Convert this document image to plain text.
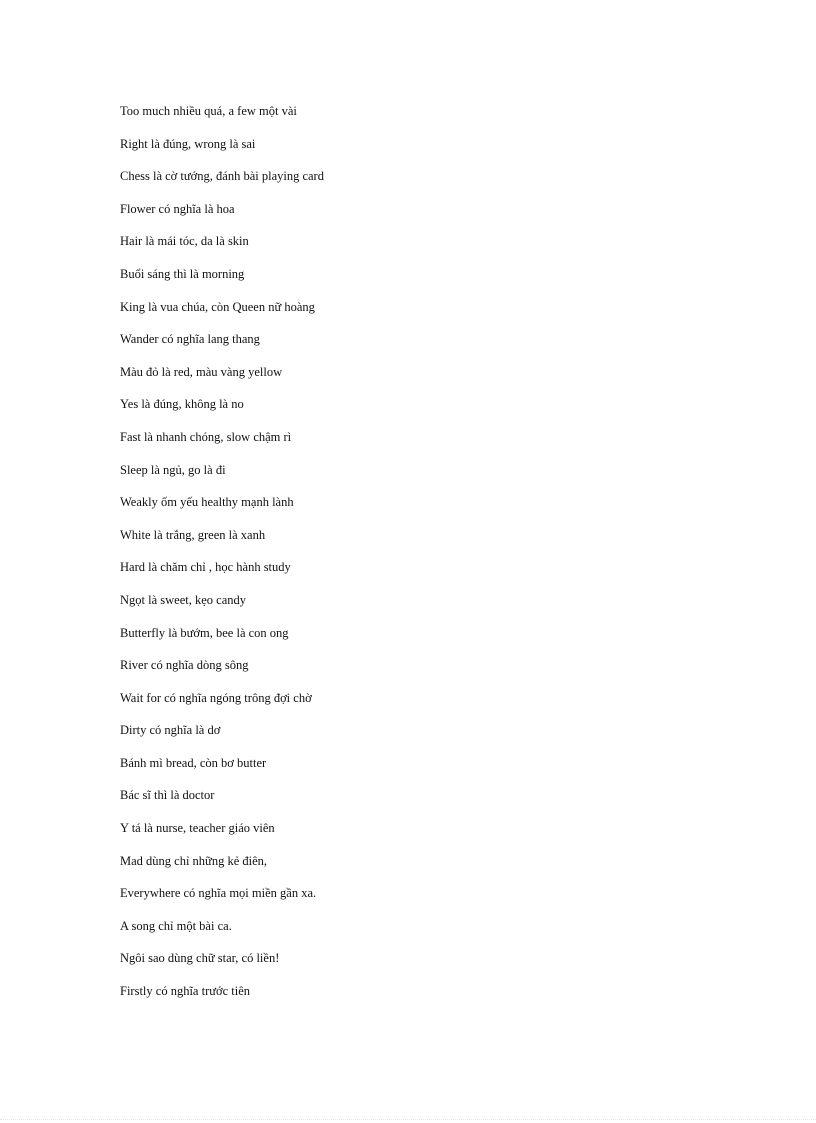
Too much nhiều quá, a few một vài
Right là đúng, wrong là sai
Chess là cờ tướng, đánh bài playing card
Flower có nghĩa là hoa
Hair là mái tóc, da là skin
Buổi sáng thì là morning
King là vua chúa, còn Queen nữ hoàng
Wander có nghĩa lang thang
Màu đỏ là red, màu vàng yellow
Yes là đúng, không là no
Fast là nhanh chóng, slow chậm rì
Sleep là ngủ, go là đi
Weakly ốm yếu healthy mạnh lành
White là trắng, green là xanh
Hard là chăm chỉ , học hành study
Ngọt là sweet, kẹo candy
Butterfly là bướm, bee là con ong
River có nghĩa dòng sông
Wait for có nghĩa ngóng trông đợi chờ
Dirty có nghĩa là dơ
Bánh mì bread, còn bơ butter
Bác sĩ thì là doctor
Y tá là nurse, teacher giáo viên
Mad dùng chỉ những kẻ điên,
Everywhere có nghĩa mọi miền gần xa.
A song chỉ một bài ca.
Ngôi sao dùng chữ star, có liền!
Firstly có nghĩa trước tiên
